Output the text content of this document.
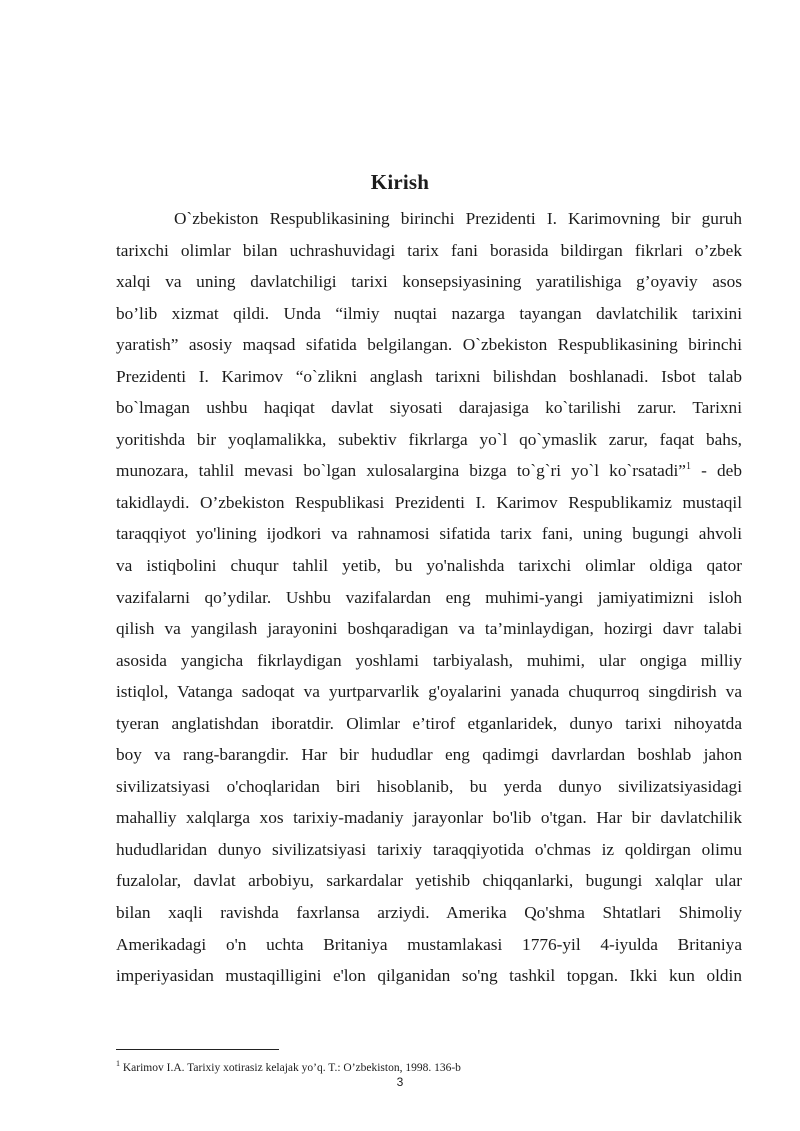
Kirish
O`zbekiston Respublikasining birinchi Prezidenti I. Karimovning bir guruh
tarixchi olimlar bilan uchrashuvidagi tarix fani borasida bildirgan fikrlari o’zbek
xalqi va uning davlatchiligi tarixi konsepsiyasining yaratilishiga g’oyaviy asos
bo’lib xizmat qildi. Unda “ilmiy nuqtai nazarga tayangan davlatchilik tarixini
yaratish” asosiy maqsad sifatida belgilangan. O`zbekiston Respublikasining birinchi
Prezidenti I. Karimov “o`zlikni anglash tarixni bilishdan boshlanadi. Isbot talab
bo`lmagan ushbu haqiqat davlat siyosati darajasiga ko`tarilishi zarur. Tarixni
yoritishda bir yoqlamalikka, subektiv fikrlarga yo`l qo`ymaslik zarur, faqat bahs,
munozara, tahlil mevasi bo`lgan xulosalargina bizga to`g`ri yo`l ko`rsatadi”$^1$ - deb
takidlaydi. O’zbekiston Respublikasi Prezidenti I. Karimov Respublikamiz mustaqil
taraqqiyot yo'lining ijodkori va rahnamosi sifatida tarix fani, uning bugungi ahvoli
va istiqbolini chuqur tahlil yetib, bu yo'nalishda tarixchi olimlar oldiga qator
vazifalarni qo’ydilar. Ushbu vazifalardan eng muhimi-yangi jamiyatimizni isloh
qilish va yangilash jarayonini boshqaradigan va ta’minlaydigan, hozirgi davr talabi
asosida yangicha fikrlaydigan yoshlami tarbiyalash, muhimi, ular ongiga milliy
istiqlol, Vatanga sadoqat va yurtparvarlik g'oyalarini yanada chuqurroq singdirish va
tyeran anglatishdan iboratdir. Olimlar e’tirof etganlaridek, dunyo tarixi nihoyatda
boy va rang-barangdir. Har bir hududlar eng qadimgi davrlardan boshlab jahon
sivilizatsiyasi o'choqlaridan biri hisoblanib, bu yerda dunyo sivilizatsiyasidagi
mahalliy xalqlarga xos tarixiy-madaniy jarayonlar bo'lib o'tgan. Har bir davlatchilik
hududlaridan dunyo sivilizatsiyasi tarixiy taraqqiyotida o'chmas iz qoldirgan olimu
fuzalolar, davlat arbobiyu, sarkardalar yetishib chiqqanlarki, bugungi xalqlar ular
bilan xaqli ravishda faxrlansa arziydi. Amerika Qo'shma Shtatlari Shimoliy
Amerikadagi o'n uchta Britaniya mustamlakasi 1776-yil 4-iyulda Britaniya
imperiyasidan mustaqilligini e'lon qilganidan so'ng tashkil topgan. Ikki kun oldin
$^1$ Karimov I.A. Tarixiy xotirasiz kelajak yo’q. T.: O’zbekiston, 1998. 136-b
3
